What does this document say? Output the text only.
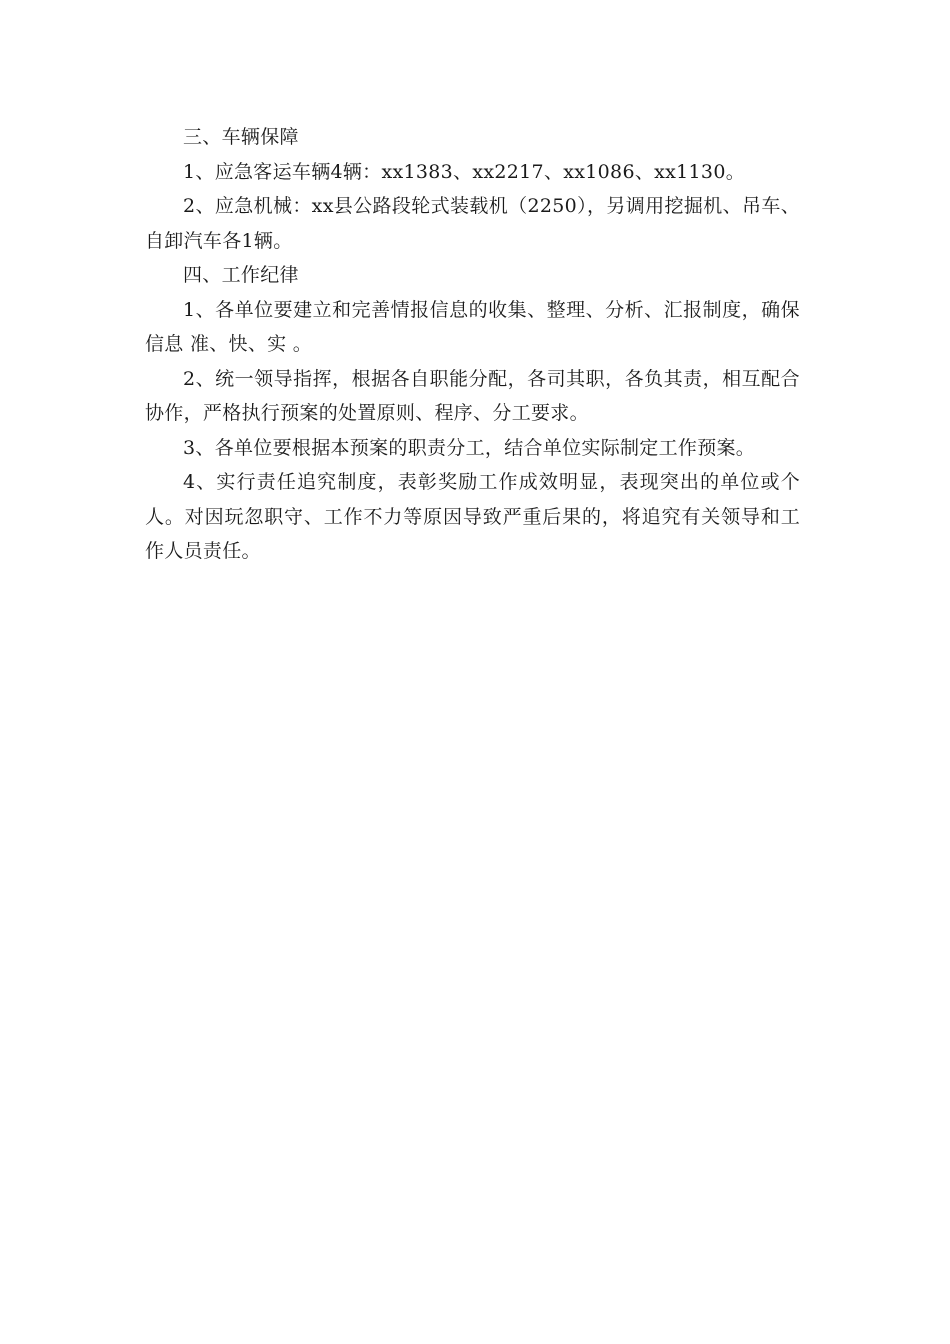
三、车辆保障

1、应急客运车辆4辆：xx1383、xx2217、xx1086、xx1130。

2、应急机械：xx县公路段轮式装载机（2250），另调用挖掘机、吊车、自卸汽车各1辆。

四、工作纪律

1、各单位要建立和完善情报信息的收集、整理、分析、汇报制度，确保信息 准、快、实 。

2、统一领导指挥，根据各自职能分配，各司其职，各负其责，相互配合协作，严格执行预案的处置原则、程序、分工要求。

3、各单位要根据本预案的职责分工，结合单位实际制定工作预案。

4、实行责任追究制度，表彰奖励工作成效明显，表现突出的单位或个人。对因玩忽职守、工作不力等原因导致严重后果的，将追究有关领导和工作人员责任。
